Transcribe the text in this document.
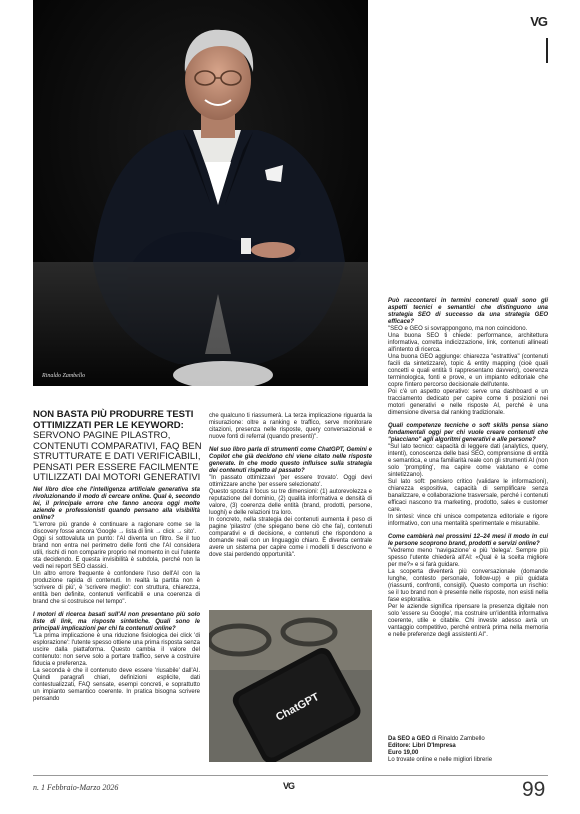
VG
Rinaldo Zambello
NON BASTA PIÙ PRODURRE TESTI OTTIMIZZATI PER LE KEYWORD:
SERVONO PAGINE PILASTRO, CONTENUTI COMPARATIVI, FAQ BEN STRUTTURATE E DATI VERIFICABILI, PENSATI PER ESSERE FACILMENTE UTILIZZATI DAI MOTORI GENERATIVI

Nel libro dice che l'intelligenza artificiale generativa sta rivoluzionando il modo di cercare online. Qual è, secondo lei, il principale errore che fanno ancora oggi molte aziende e professionisti quando pensano alla visibilità online?

"L'errore più grande è continuare a ragionare come se la discovery fosse ancora 'Google → lista di link → click → sito'.

Oggi si sottovaluta un punto: l'AI diventa un filtro. Se il tuo brand non entra nel perimetro delle fonti che l'AI considera utili, rischi di non comparire proprio nel momento in cui l'utente sta decidendo. E questa invisibilità è subdola, perché non la vedi nei report SEO classici.

Un altro errore frequente è confondere l'uso dell'AI con la produzione rapida di contenuti. In realtà la partita non è 'scrivere di più', è 'scrivere meglio': con struttura, chiarezza, entità ben definite, contenuti verificabili e una coerenza di brand che si costruisce nel tempo".

I motori di ricerca basati sull'AI non presentano più solo liste di link, ma risposte sintetiche. Quali sono le principali implicazioni per chi fa contenuti online?

"La prima implicazione è una riduzione fisiologica dei click 'di esplorazione': l'utente spesso ottiene una prima risposta senza uscire dalla piattaforma. Questo cambia il valore del contenuto: non serve solo a portare traffico, serve a costruire fiducia e preferenza.

La seconda è che il contenuto deve essere 'riusabile' dall'AI. Quindi paragrafi chiari, definizioni esplicite, dati contestualizzati, FAQ sensate, esempi concreti, e soprattutto un impianto semantico coerente. In pratica bisogna scrivere pensando

che qualcuno ti riassumerà. La terza implicazione riguarda la misurazione: oltre a ranking e traffico, serve monitorare citazioni, presenza nelle risposte, query conversazionali e nuove fonti di referral (quando presenti)".

Nel suo libro parla di strumenti come ChatGPT, Gemini e Copilot che già decidono chi viene citato nelle risposte generate. In che modo questo influisce sulla strategia dei contenuti rispetto al passato?

"In passato ottimizzavi 'per essere trovato'. Oggi devi ottimizzare anche 'per essere selezionato'.

Questo sposta il focus su tre dimensioni: (1) autorevolezza e reputazione del dominio, (2) qualità informativa e densità di valore, (3) coerenza delle entità (brand, prodotti, persone, luoghi) e delle relazioni tra loro.

In concreto, nella strategia dei contenuti aumenta il peso di pagine 'pilastro' (che spiegano bene ciò che fai), contenuti comparativi e di decisione, e contenuti che rispondono a domande reali con un linguaggio chiaro. È diventa centrale avere un sistema per capire come i modelli ti descrivono e dove stai perdendo opportunità".

ChatGPT

Può raccontarci in termini concreti quali sono gli aspetti tecnici e semantici che distinguono una strategia SEO di successo da una strategia GEO efficace?

"SEO e GEO si sovrappongono, ma non coincidono.

Una buona SEO ti chiede: performance, architettura informativa, corretta indicizzazione, link, contenuti allineati all'intento di ricerca.

Una buona GEO aggiunge: chiarezza "estrattiva" (contenuti facili da sintetizzare), topic & entity mapping (cioè quali concetti e quali entità ti rappresentano davvero), coerenza terminologica, fonti e prove, e un impianto editoriale che copre l'intero percorso decisionale dell'utente.

Poi c'è un aspetto operativo: serve una dashboard e un tracciamento dedicato per capire come ti posizioni nei motori generativi e nelle risposte AI, perché è una dimensione diversa dal ranking tradizionale.

Quali competenze tecniche o soft skills pensa siano fondamentali oggi per chi vuole creare contenuti che "piacciano" agli algoritmi generativi e alle persone?

"Sul lato tecnico: capacità di leggere dati (analytics, query, intenti), conoscenza delle basi SEO, comprensione di entità e semantica, e una familiarità reale con gli strumenti AI (non solo 'prompting', ma capire come valutano e come sintetizzano).

Sul lato soft: pensiero critico (validare le informazioni), chiarezza espositiva, capacità di semplificare senza banalizzare, e collaborazione trasversale, perché i contenuti efficaci nascono tra marketing, prodotto, sales e customer care.

In sintesi: vince chi unisce competenza editoriale e rigore informativo, con una mentalità sperimentale e misurabile.

Come cambierà nei prossimi 12–24 mesi il modo in cui le persone scoprono brand, prodotti e servizi online?

"Vedremo meno 'navigazione' e più 'delega'. Sempre più spesso l'utente chiederà all'AI: «Qual è la scelta migliore per me?» e si farà guidare.

La scoperta diventerà più conversazionale (domande lunghe, contesto personale, follow-up) e più guidata (riassunti, confronti, consigli). Questo comporta un rischio: se il tuo brand non è presente nelle risposte, non esisti nella fase esplorativa.

Per le aziende significa ripensare la presenza digitale non solo 'essere su Google', ma costruire un'identità informativa coerente, utile e citabile. Chi investe adesso avrà un vantaggio competitivo, perché entrerà prima nella memoria e nelle preferenze degli assistenti AI".

Da SEO a GEO di Rinaldo Zambello
Editore: Libri D'Impresa
Euro 19,00
Lo trovate online e nelle migliori librerie
n. 1 Febbraio-Marzo 2026	VG	99
